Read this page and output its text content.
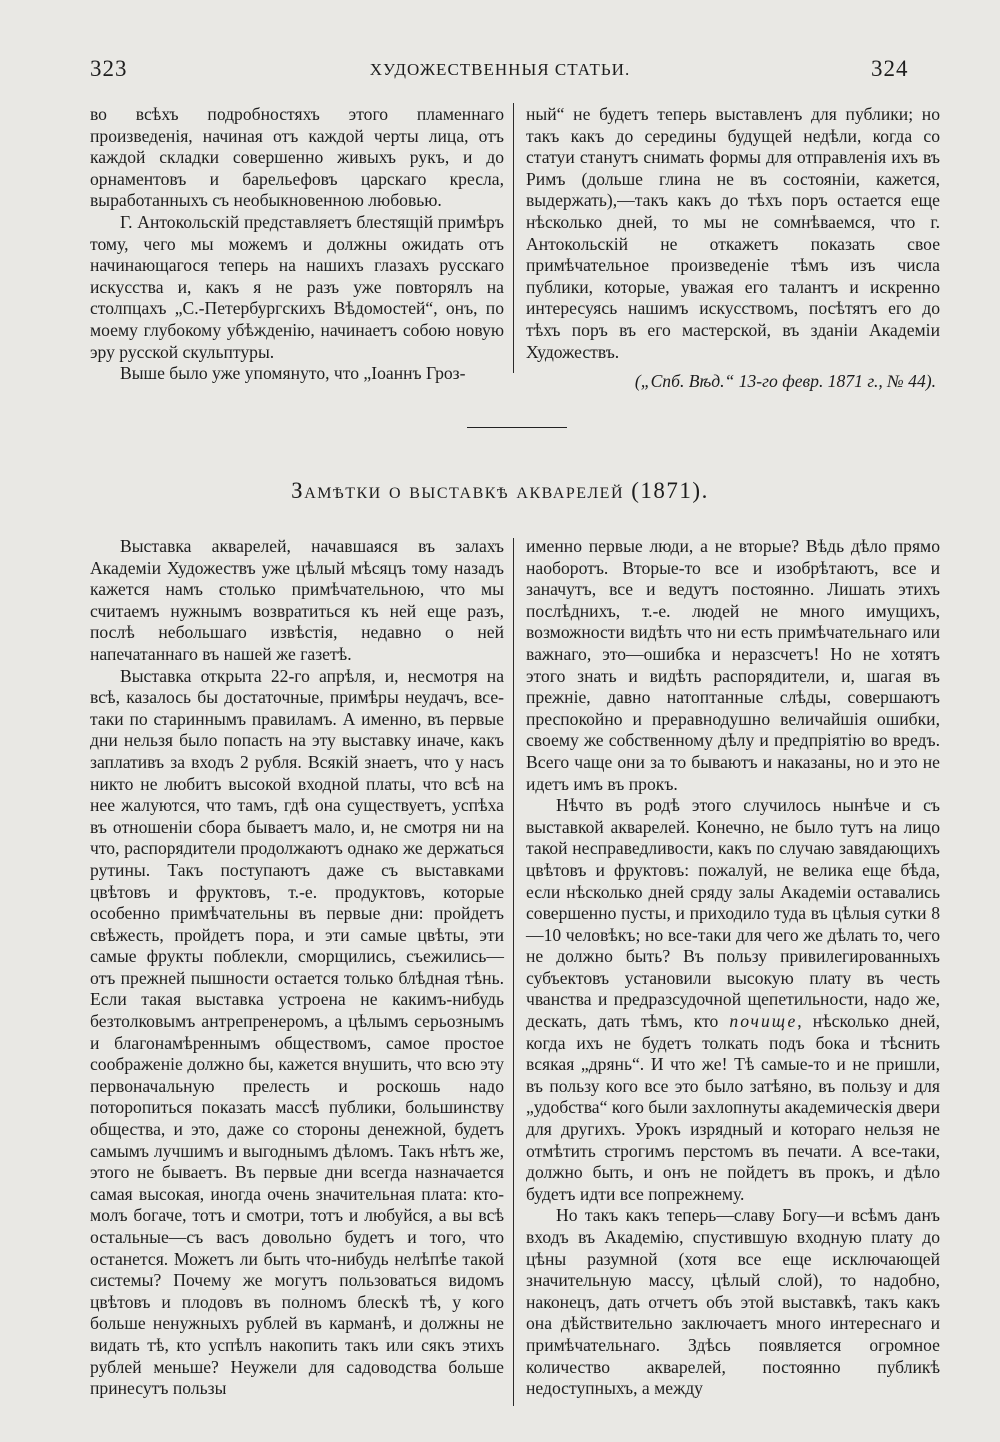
323	ХУДОЖЕСТВЕННЫЯ СТАТЬИ.	324

во всѣхъ подробностяхъ этого пламеннаго произведенія, начиная отъ каждой черты лица, отъ каждой складки совершенно живыхъ рукъ, и до орнаментовъ и барельефовъ царскаго кресла, выработанныхъ съ необыкновенною любовью.

Г. Антокольскій представляетъ блестящій примѣръ тому, чего мы можемъ и должны ожидать отъ начинающагося теперь на нашихъ глазахъ русскаго искусства и, какъ я не разъ уже повторялъ на столпцахъ „С.-Петербургскихъ Вѣдомостей“, онъ, по моему глубокому убѣжденію, начинаетъ собою новую эру русской скульптуры.

Выше было уже упомянуто, что „Іоаннъ Гроз-

ный“ не будетъ теперь выставленъ для публики; но такъ какъ до середины будущей недѣли, когда со статуи станутъ снимать формы для отправленія ихъ въ Римъ (дольше глина не въ состояніи, кажется, выдержать),—такъ какъ до тѣхъ поръ остается еще нѣсколько дней, то мы не сомнѣваемся, что г. Антокольскій не откажетъ показать свое примѣчательное произведеніе тѣмъ изъ числа публики, которые, уважая его талантъ и искренно интересуясь нашимъ искусствомъ, посѣтятъ его до тѣхъ поръ въ его мастерской, въ зданіи Академіи Художествъ.

(„Спб. Вѣд.“ 13-го февр. 1871 г., № 44).

Замѣтки о выставкѣ акварелей (1871).

Выставка акварелей, начавшаяся въ залахъ Академіи Художествъ уже цѣлый мѣсяцъ тому назадъ кажется намъ столько примѣчательною, что мы считаемъ нужнымъ возвратиться къ ней еще разъ, послѣ небольшаго извѣстія, недавно о ней напечатаннаго въ нашей же газетѣ.

Выставка открыта 22-го апрѣля, и, несмотря на всѣ, казалось бы достаточные, примѣры неудачъ, все-таки по стариннымъ правиламъ. А именно, въ первые дни нельзя было попасть на эту выставку иначе, какъ заплативъ за входъ 2 рубля. Всякій знаетъ, что у насъ никто не любитъ высокой входной платы, что всѣ на нее жалуются, что тамъ, гдѣ она существуетъ, успѣха въ отношеніи сбора бываетъ мало, и, не смотря ни на что, распорядители продолжаютъ однако же держаться рутины. Такъ поступаютъ даже съ выставками цвѣтовъ и фруктовъ, т.-е. продуктовъ, которые особенно примѣчательны въ первые дни: пройдетъ свѣжесть, пройдетъ пора, и эти самые цвѣты, эти самые фрукты поблекли, сморщились, съежились—отъ прежней пышности остается только блѣдная тѣнь. Если такая выставка устроена не какимъ-нибудь безтолковымъ антрепренеромъ, а цѣлымъ серьознымъ и благонамѣреннымъ обществомъ, самое простое соображеніе должно бы, кажется внушить, что всю эту первоначальную прелесть и роскошь надо поторопиться показать массѣ публики, большинству общества, и это, даже со стороны денежной, будетъ самымъ лучшимъ и выгоднымъ дѣломъ. Такъ нѣтъ же, этого не бываетъ. Въ первые дни всегда назначается самая высокая, иногда очень значительная плата: кто-молъ богаче, тотъ и смотри, тотъ и любуйся, а вы всѣ остальные—съ васъ довольно будетъ и того, что останется. Можетъ ли быть что-нибудь нелѣпѣе такой системы? Почему же могутъ пользоваться видомъ цвѣтовъ и плодовъ въ полномъ блескѣ тѣ, у кого больше ненужныхъ рублей въ карманѣ, и должны не видать тѣ, кто успѣлъ накопить такъ или сякъ этихъ рублей меньше? Неужели для садоводства больше принесутъ пользы

именно первые люди, а не вторые? Вѣдь дѣло прямо наоборотъ. Вторые-то все и изобрѣтаютъ, все и заначутъ, все и ведутъ постоянно. Лишать этихъ послѣднихъ, т.-е. людей не много имущихъ, возможности видѣть что ни есть примѣчательнаго или важнаго, это—ошибка и неразсчетъ! Но не хотятъ этого знать и видѣть распорядители, и, шагая въ прежніе, давно натоптанные слѣды, совершаютъ преспокойно и преравнодушно величайшія ошибки, своему же собственному дѣлу и предпріятію во вредъ. Всего чаще они за то бываютъ и наказаны, но и это не идетъ имъ въ прокъ.

Нѣчто въ родѣ этого случилось нынѣче и съ выставкой акварелей. Конечно, не было тутъ на лицо такой несправедливости, какъ по случаю завядающихъ цвѣтовъ и фруктовъ: пожалуй, не велика еще бѣда, если нѣсколько дней сряду залы Академіи оставались совершенно пусты, и приходило туда въ цѣлыя сутки 8—10 человѣкъ; но все-таки для чего же дѣлать то, чего не должно быть? Въ пользу привилегированныхъ субъектовъ установили высокую плату въ честь чванства и предразсудочной щепетильности, надо же, дескать, дать тѣмъ, кто почище, нѣсколько дней, когда ихъ не будетъ толкать подъ бока и тѣснить всякая „дрянь“. И что же! Тѣ самые-то и не пришли, въ пользу кого все это было затѣяно, въ пользу и для „удобства“ кого были захлопнуты академическія двери для другихъ. Урокъ изрядный и котораго нельзя не отмѣтить строгимъ перстомъ въ печати. А все-таки, должно быть, и онъ не пойдетъ въ прокъ, и дѣло будетъ идти все попрежнему.

Но такъ какъ теперь—славу Богу—и всѣмъ данъ входъ въ Академію, спустившую входную плату до цѣны разумной (хотя все еще исключающей значительную массу, цѣлый слой), то надобно, наконецъ, дать отчетъ объ этой выставкѣ, такъ какъ она дѣйствительно заключаетъ много интереснаго и примѣчательнаго. Здѣсь появляется огромное количество акварелей, постоянно публикѣ недоступныхъ, а между
